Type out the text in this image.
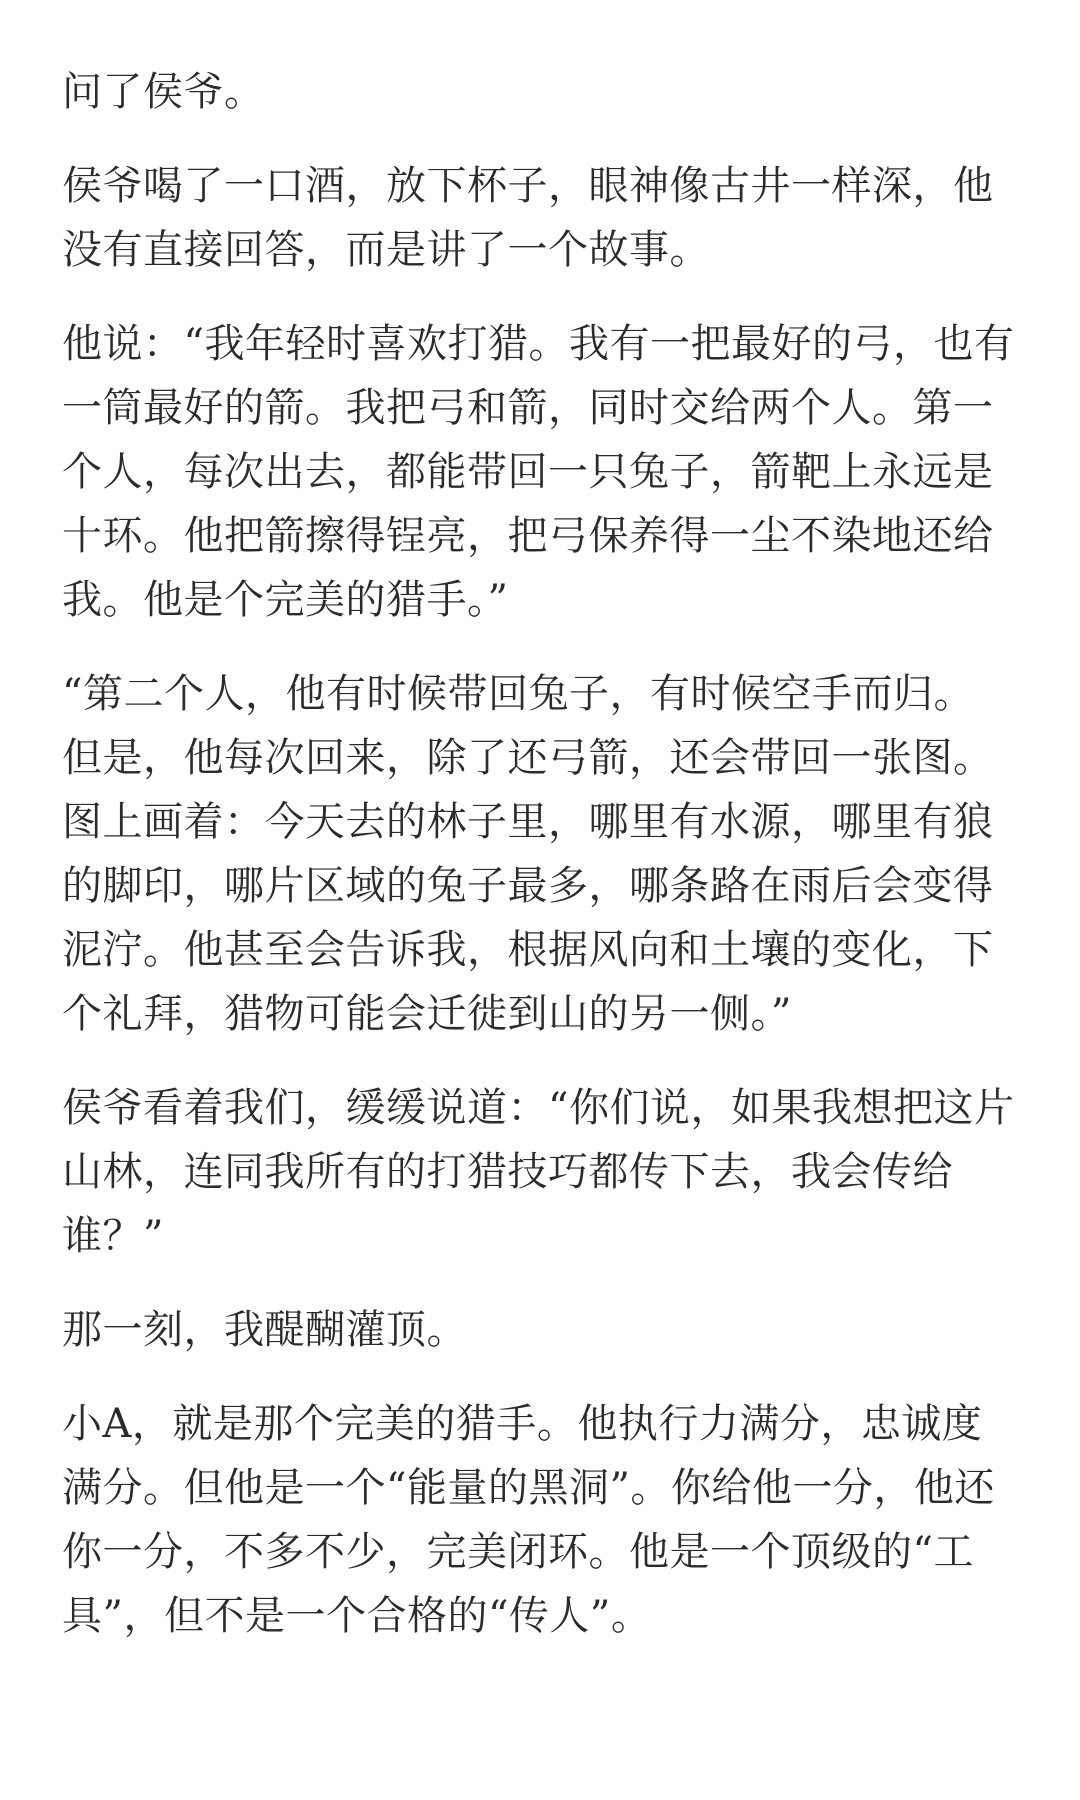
问了侯爷。

侯爷喝了一口酒，放下杯子，眼神像古井一样深，他
没有直接回答，而是讲了一个故事。

他说：“我年轻时喜欢打猎。我有一把最好的弓，也有
一筒最好的箭。我把弓和箭，同时交给两个人。第一
个人，每次出去，都能带回一只兔子，箭靶上永远是
十环。他把箭擦得锃亮，把弓保养得一尘不染地还给
我。他是个完美的猎手。”

“第二个人，他有时候带回兔子，有时候空手而归。
但是，他每次回来，除了还弓箭，还会带回一张图。
图上画着：今天去的林子里，哪里有水源，哪里有狼
的脚印，哪片区域的兔子最多，哪条路在雨后会变得
泥泞。他甚至会告诉我，根据风向和土壤的变化，下
个礼拜，猎物可能会迁徙到山的另一侧。”

侯爷看着我们，缓缓说道：“你们说，如果我想把这片
山林，连同我所有的打猎技巧都传下去，我会传给
谁？”

那一刻，我醍醐灌顶。

小A，就是那个完美的猎手。他执行力满分，忠诚度
满分。但他是一个“能量的黑洞”。你给他一分，他还
你一分，不多不少，完美闭环。他是一个顶级的“工
具”，但不是一个合格的“传人”。
